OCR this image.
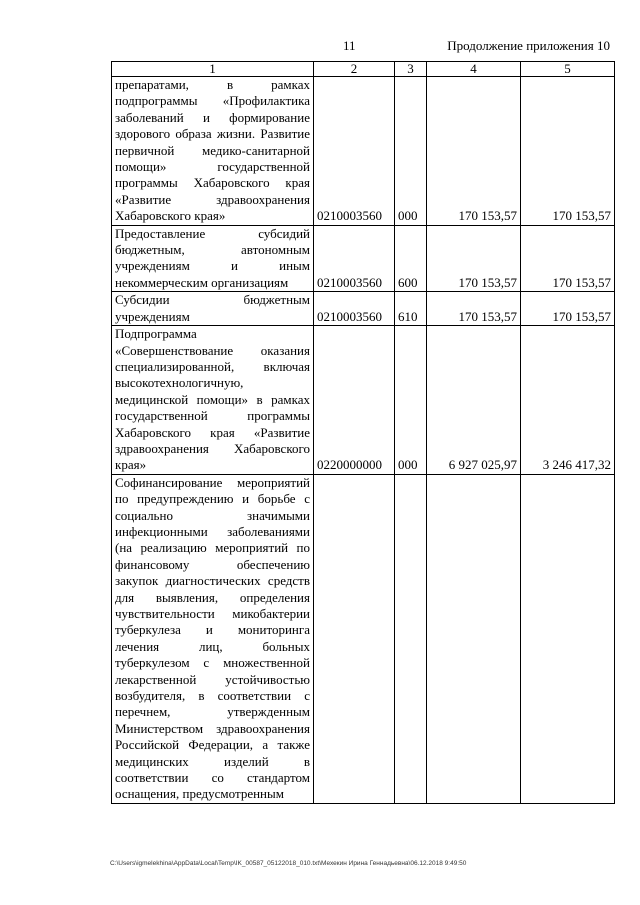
11	Продолжение приложения 10
1	2	3	4	5
препаратами, в рамках подпрограммы «Профилактика заболеваний и формирование здорового образа жизни. Развитие первичной медико-санитарной помощи» государственной программы Хабаровского края «Развитие здравоохранения Хабаровского края»	0210003560	000	170 153,57	170 153,57
Предоставление субсидий бюджетным, автономным учреждениям и иным некоммерческим организациям	0210003560	600	170 153,57	170 153,57
Субсидии бюджетным учреждениям	0210003560	610	170 153,57	170 153,57
Подпрограмма «Совершенствование оказания специализированной, включая высокотехнологичную, медицинской помощи» в рамках государственной программы Хабаровского края «Развитие здравоохранения Хабаровского края»	0220000000	000	6 927 025,97	3 246 417,32
Софинансирование мероприятий по предупреждению и борьбе с социально значимыми инфекционными заболеваниями (на реализацию мероприятий по финансовому обеспечению закупок диагностических средств для выявления, определения чувствительности микобактерии туберкулеза и мониторинга лечения лиц, больных туберкулезом с множественной лекарственной устойчивостью возбудителя, в соответствии с перечнем, утвержденным Министерством здравоохранения Российской Федерации, а также медицинских изделий в соответствии со стандартом оснащения, предусмотренным				
C:\Users\igmelekhina\AppData\Local\Temp\IK_00587_05122018_010.txt\Мехекин Ирина Геннадьевна\06.12.2018 9:49:50
